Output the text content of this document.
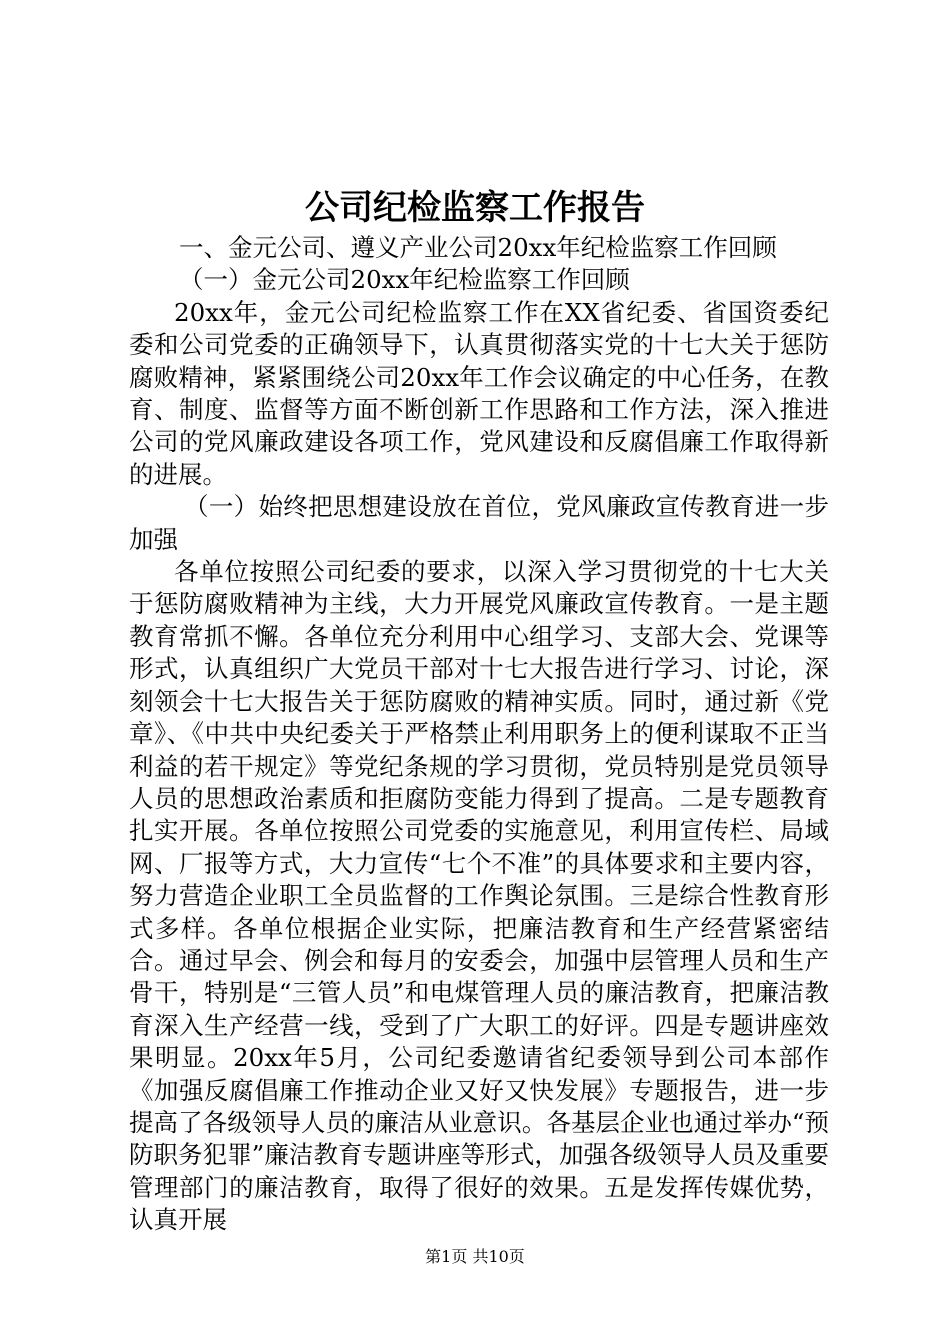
公司纪检监察工作报告

一、金元公司、遵义产业公司20xx年纪检监察工作回顾

（一）金元公司20xx年纪检监察工作回顾

20xx年，金元公司纪检监察工作在XX省纪委、省国资委纪委和公司党委的正确领导下，认真贯彻落实党的十七大关于惩防腐败精神，紧紧围绕公司20xx年工作会议确定的中心任务，在教育、制度、监督等方面不断创新工作思路和工作方法，深入推进公司的党风廉政建设各项工作，党风建设和反腐倡廉工作取得新的进展。

（一）始终把思想建设放在首位，党风廉政宣传教育进一步加强

各单位按照公司纪委的要求，以深入学习贯彻党的十七大关于惩防腐败精神为主线，大力开展党风廉政宣传教育。一是主题教育常抓不懈。各单位充分利用中心组学习、支部大会、党课等形式，认真组织广大党员干部对十七大报告进行学习、讨论，深刻领会十七大报告关于惩防腐败的精神实质。同时，通过新《党章》、《中共中央纪委关于严格禁止利用职务上的便利谋取不正当利益的若干规定》等党纪条规的学习贯彻，党员特别是党员领导人员的思想政治素质和拒腐防变能力得到了提高。二是专题教育扎实开展。各单位按照公司党委的实施意见，利用宣传栏、局域网、厂报等方式，大力宣传“七个不准”的具体要求和主要内容，努力营造企业职工全员监督的工作舆论氛围。三是综合性教育形式多样。各单位根据企业实际，把廉洁教育和生产经营紧密结合。通过早会、例会和每月的安委会，加强中层管理人员和生产骨干，特别是“三管人员”和电煤管理人员的廉洁教育，把廉洁教育深入生产经营一线，受到了广大职工的好评。四是专题讲座效果明显。20xx年5月，公司纪委邀请省纪委领导到公司本部作《加强反腐倡廉工作推动企业又好又快发展》专题报告，进一步提高了各级领导人员的廉洁从业意识。各基层企业也通过举办“预防职务犯罪”廉洁教育专题讲座等形式，加强各级领导人员及重要管理部门的廉洁教育，取得了很好的效果。五是发挥传媒优势，认真开展

第1页 共10页
